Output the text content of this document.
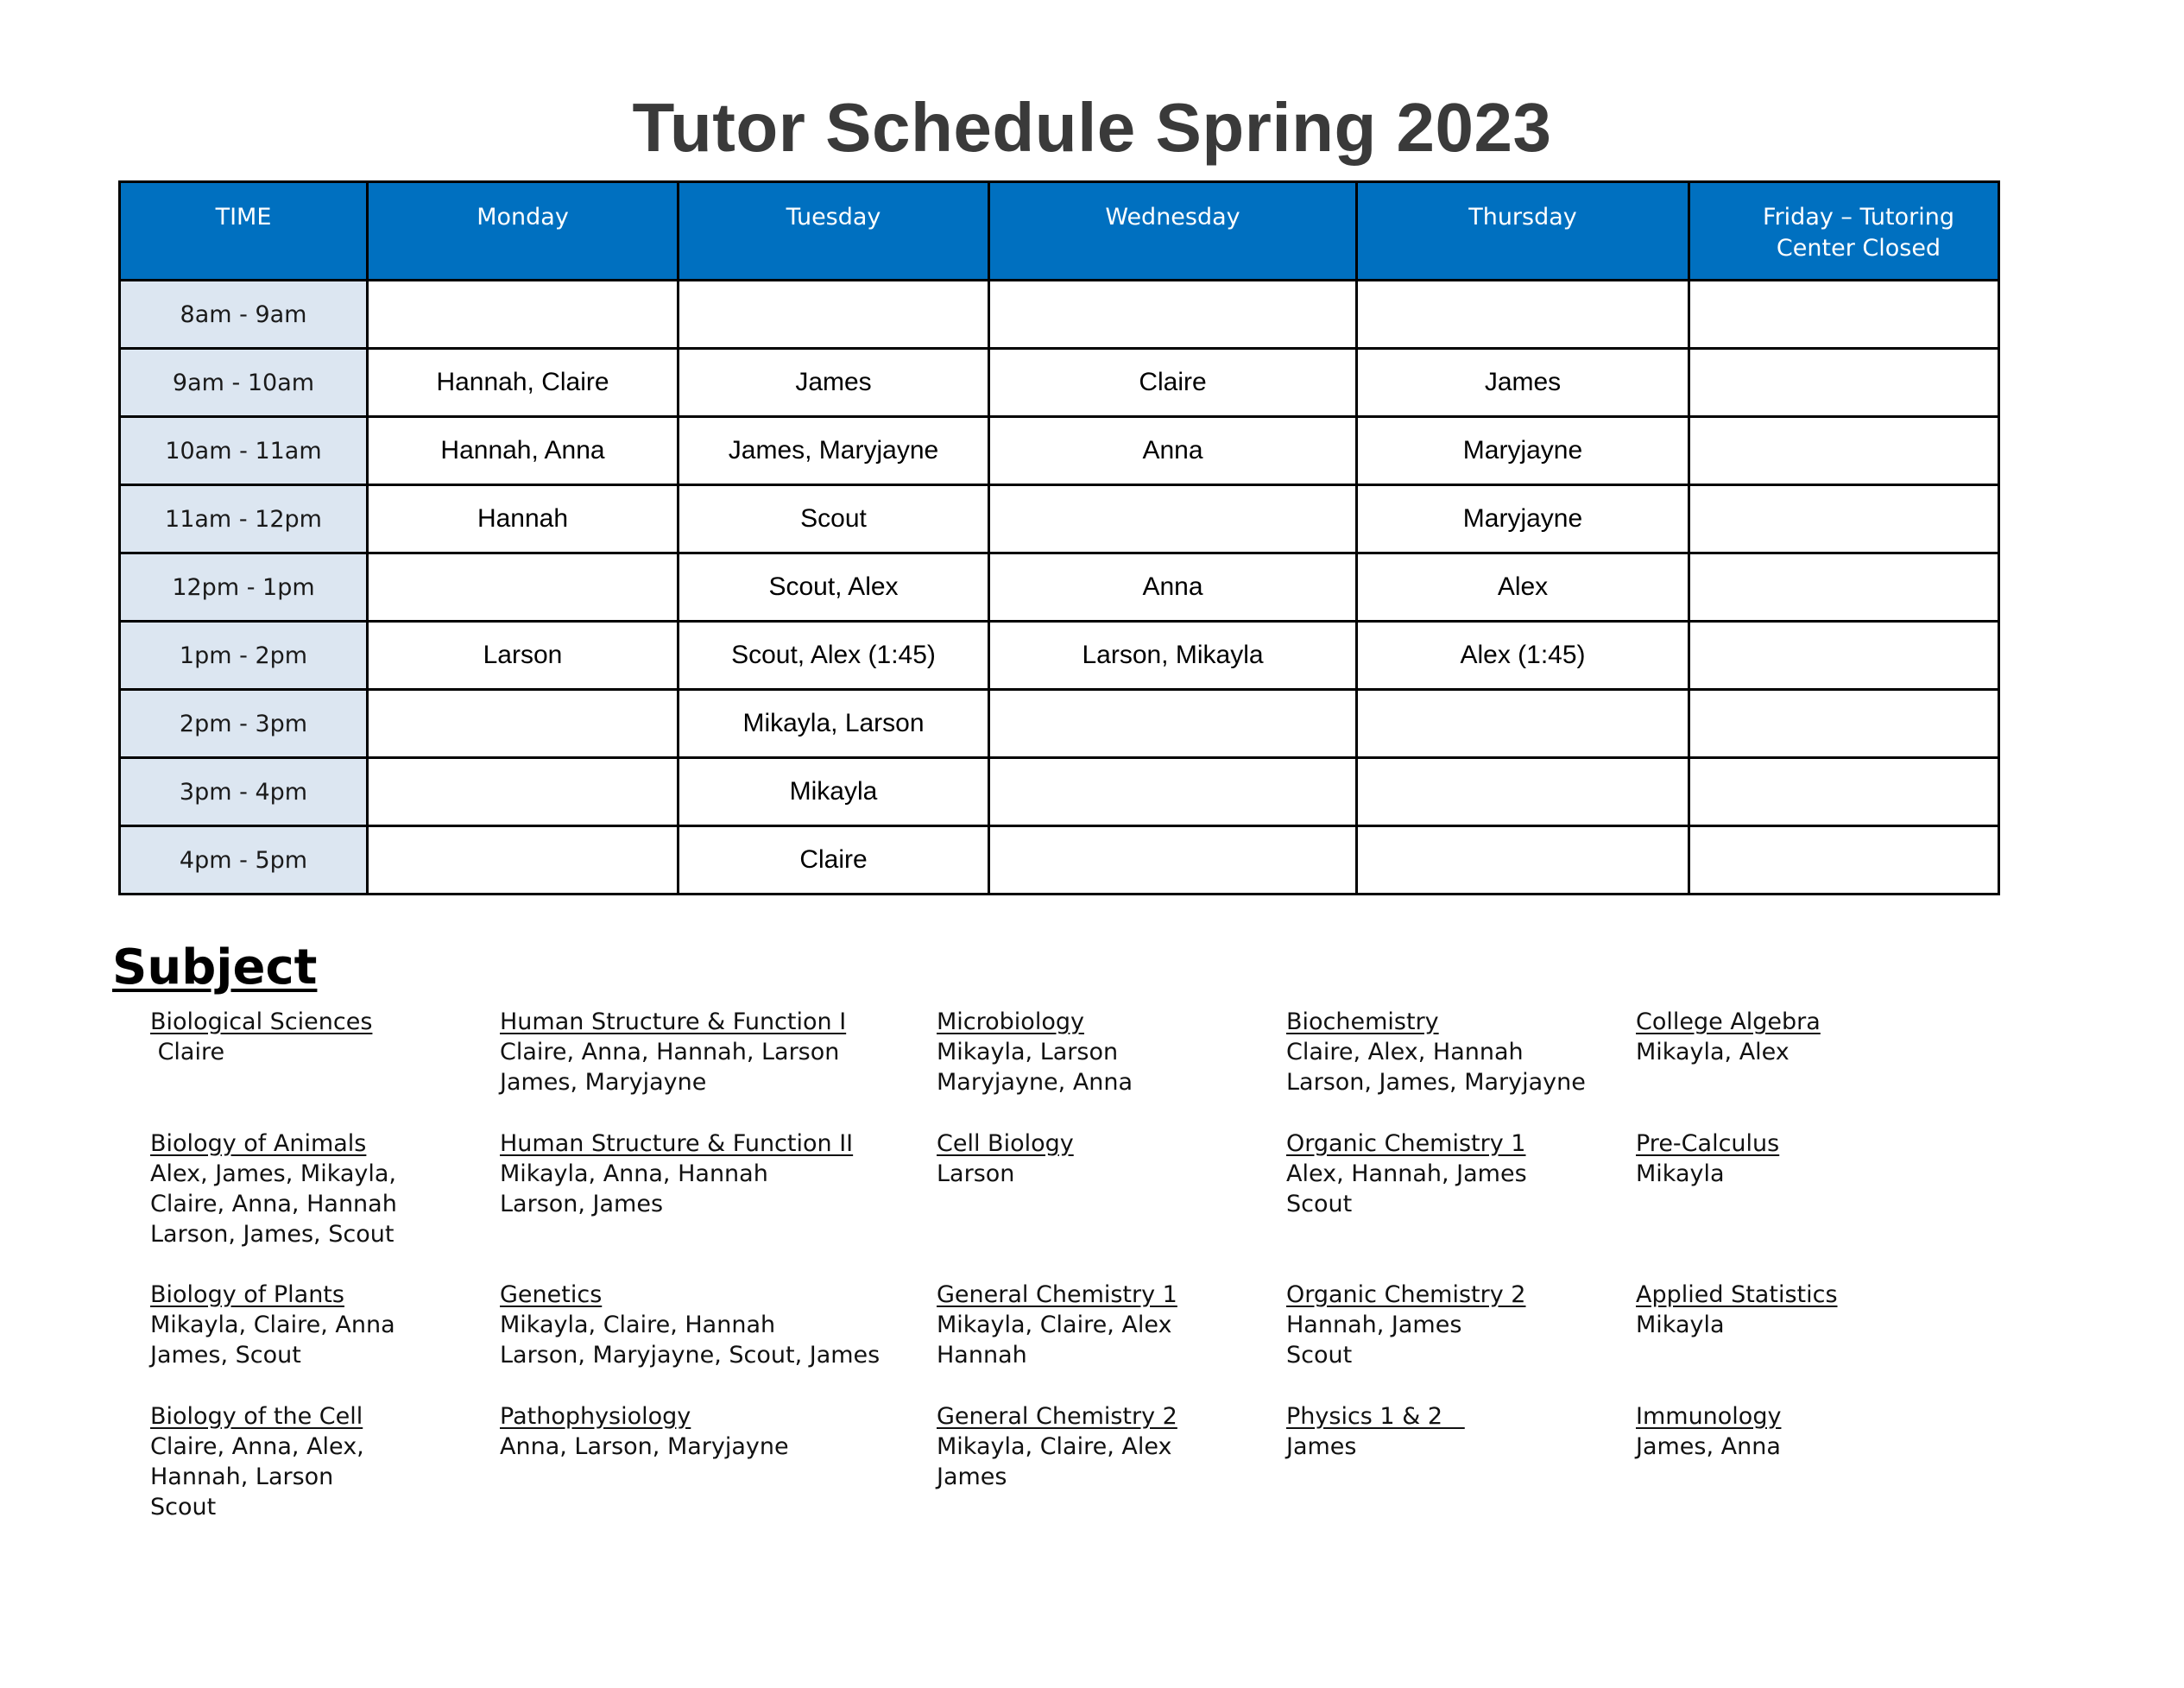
Tutor Schedule Spring 2023
TIME	Monday	Tuesday	Wednesday	Thursday	Friday – Tutoring Center Closed
8am - 9am					
9am - 10am	Hannah, Claire	James	Claire	James	
10am - 11am	Hannah, Anna	James, Maryjayne	Anna	Maryjayne	
11am - 12pm	Hannah	Scout		Maryjayne	
12pm - 1pm		Scout, Alex	Anna	Alex	
1pm - 2pm	Larson	Scout, Alex (1:45)	Larson, Mikayla	Alex (1:45)	
2pm - 3pm		Mikayla, Larson			
3pm - 4pm		Mikayla			
4pm - 5pm		Claire			
Subject
Biological Sciences
Claire
Human Structure & Function I
Claire, Anna, Hannah, Larson
James, Maryjayne
Microbiology
Mikayla, Larson
Maryjayne, Anna
Biochemistry
Claire, Alex, Hannah
Larson, James, Maryjayne
College Algebra
Mikayla, Alex
Biology of Animals
Alex, James, Mikayla,
Claire, Anna, Hannah
Larson, James, Scout
Human Structure & Function II
Mikayla, Anna, Hannah
Larson, James
Cell Biology
Larson
Organic Chemistry 1
Alex, Hannah, James
Scout
Pre-Calculus
Mikayla
Biology of Plants
Mikayla, Claire, Anna
James, Scout
Genetics
Mikayla, Claire, Hannah
Larson, Maryjayne, Scout, James
General Chemistry 1
Mikayla, Claire, Alex
Hannah
Organic Chemistry 2
Hannah, James
Scout
Applied Statistics
Mikayla
Biology of the Cell
Claire, Anna, Alex,
Hannah, Larson
Scout
Pathophysiology
Anna, Larson, Maryjayne
General Chemistry 2
Mikayla, Claire, Alex
James
Physics 1 & 2
James
Immunology
James, Anna
